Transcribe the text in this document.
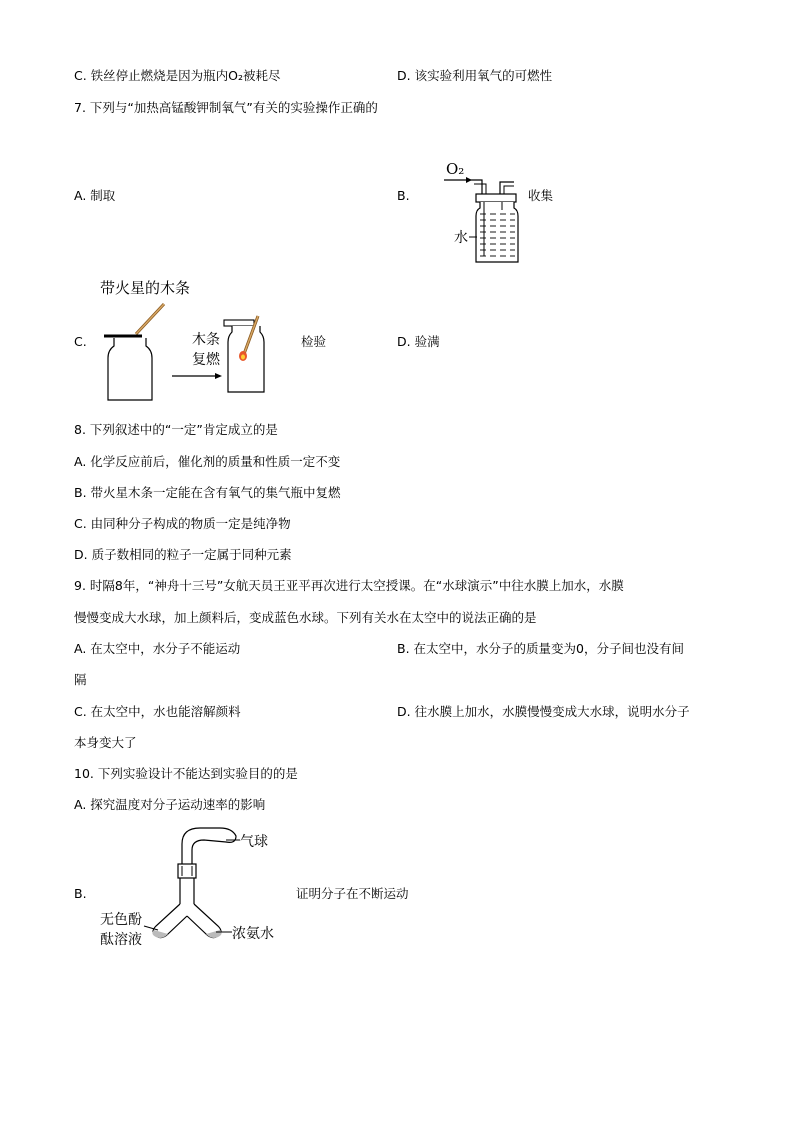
C. 铁丝停止燃烧是因为瓶内O₂被耗尽	D. 该实验利用氧气的可燃性
7. 下列与“加热高锰酸钾制氧气”有关的实验操作正确的
A. 制取	B.	收集
O₂
水
C.	检验	D. 验满
带火星的木条
木条
复燃
8. 下列叙述中的“一定”肯定成立的是
A. 化学反应前后，催化剂的质量和性质一定不变
B. 带火星木条一定能在含有氧气的集气瓶中复燃
C. 由同种分子构成的物质一定是纯净物
D. 质子数相同的粒子一定属于同种元素
9. 时隔8年，“神舟十三号”女航天员王亚平再次进行太空授课。在“水球演示”中往水膜上加水，水膜
慢慢变成大水球，加上颜料后，变成蓝色水球。下列有关水在太空中的说法正确的是
A. 在太空中，水分子不能运动	B. 在太空中，水分子的质量变为0，分子间也没有间
隔
C. 在太空中，水也能溶解颜料	D. 往水膜上加水，水膜慢慢变成大水球，说明水分子
本身变大了
10. 下列实验设计不能达到实验目的的是
A. 探究温度对分子运动速率的影响
B.	证明分子在不断运动
气球
无色酚
酞溶液	浓氨水
